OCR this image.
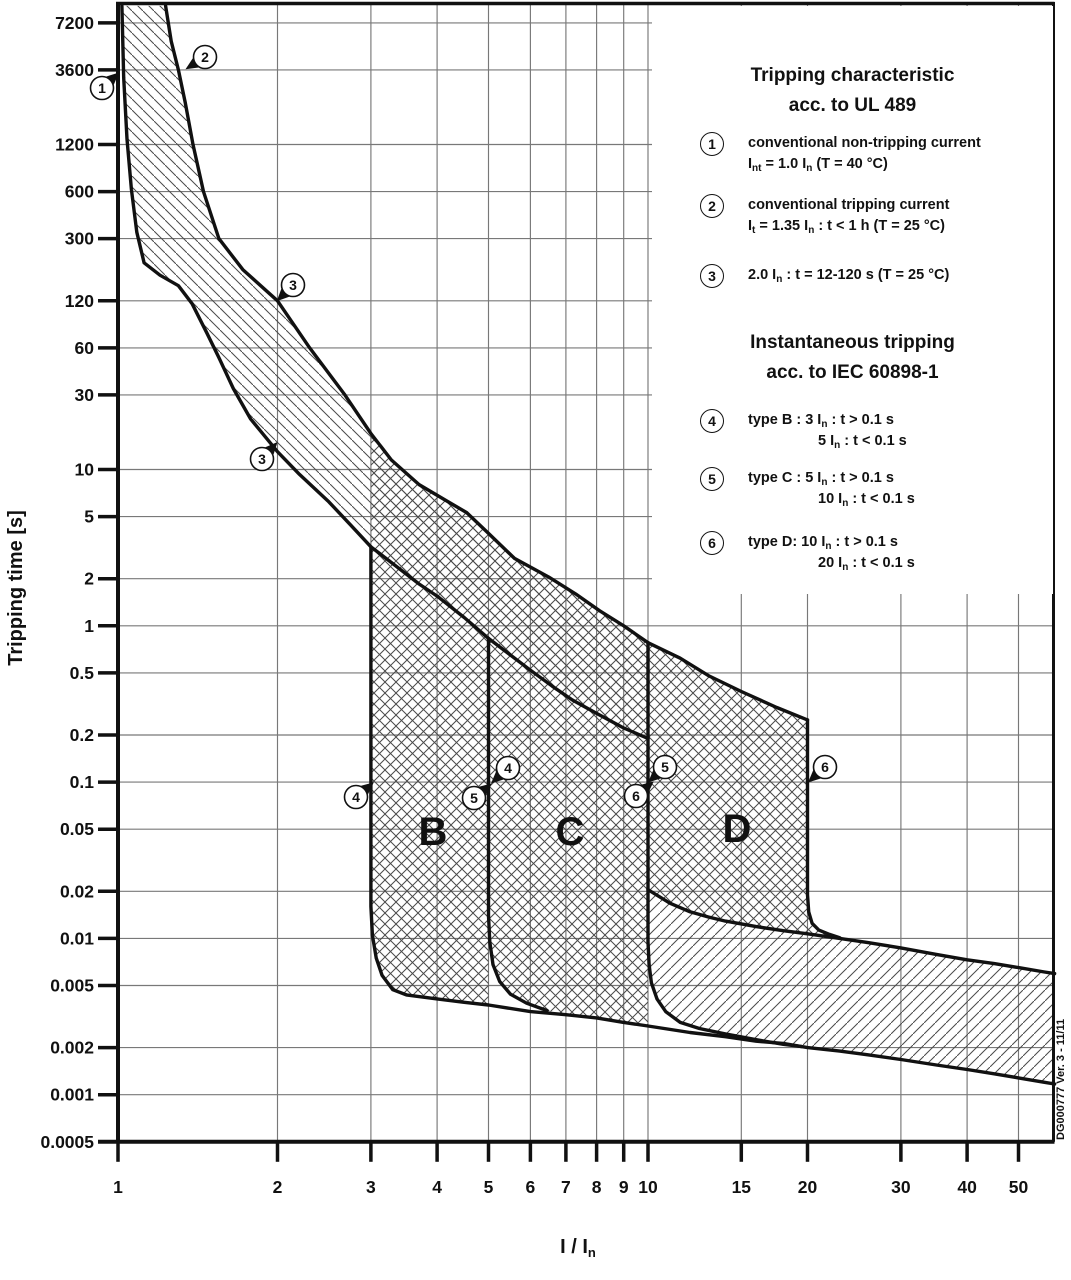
7200
3600
1200
600
300
120
60
30
10
5
2
1
0.5
0.2
0.1
0.05
0.02
0.01
0.005
0.002
0.001
0.0005
1	2	3	4 5 6 7 8 9 10	15	20	30	40 50
B	C	D
1
2
3
3
4	5
4
6
5	6
Tripping time [s]
I / $I_n$
DG000777 Ver. 3 - 11/11
Tripping characteristic
acc. to UL 489
1	conventional non-tripping current
$I_{nt} = 1.0$ $I_n$ (T = 40 °C)
2	conventional tripping current
$I_t = 1.35$ $I_n$ : t < 1 h (T = 25 °C)
3	2.0 $I_n$ : t = 12-120 s (T = 25 °C)
Instantaneous tripping
acc. to IEC 60898-1
4	type B : 3 $I_n$ : t > 0.1 s
5 $I_n$ : t < 0.1 s
5	type C : 5 $I_n$ : t > 0.1 s
10 $I_n$ : t < 0.1 s
6	type D: 10 $I_n$ : t > 0.1 s
20 $I_n$ : t < 0.1 s
